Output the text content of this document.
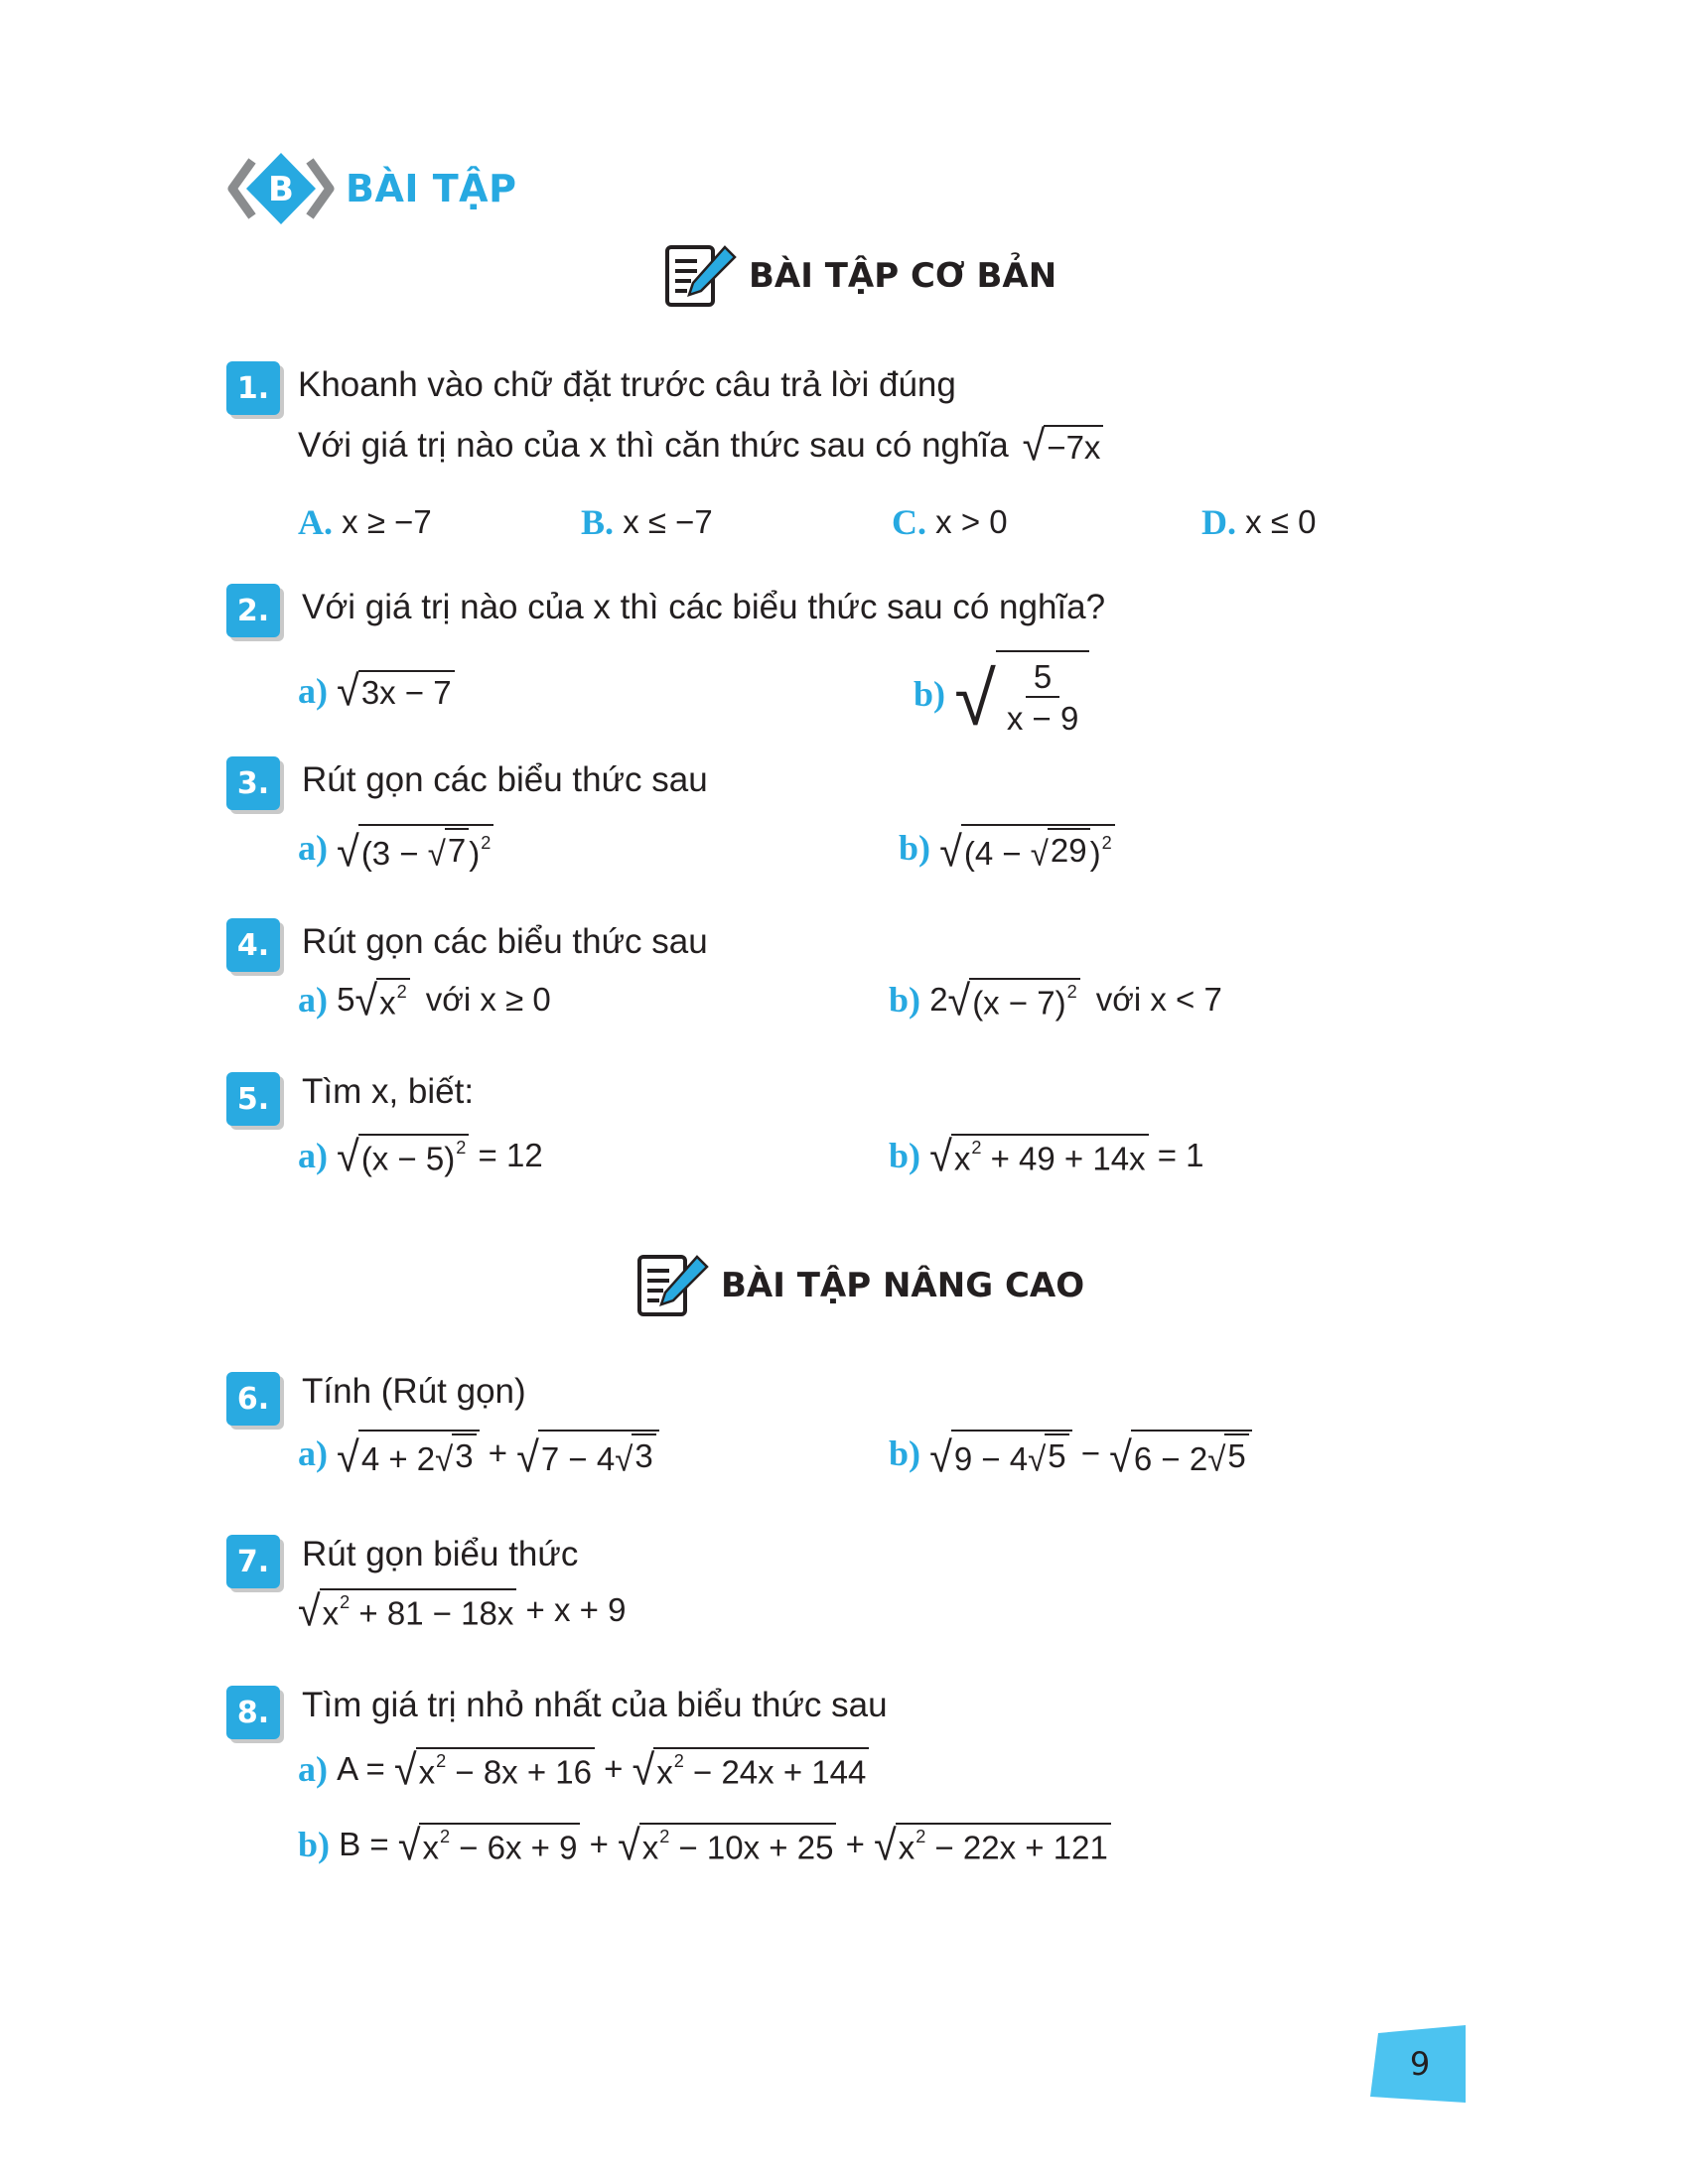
B BÀI TẬP
BÀI TẬP CƠ BẢN
1. Khoanh vào chữ đặt trước câu trả lời đúng
Với giá trị nào của x thì căn thức sau có nghĩa √ −7x
A.
x ≥ −7	B.
x ≤ −7	C.
x > 0	D.
x ≤ 0
2. Với giá trị nào của x thì các biểu thức sau có nghĩa?
a)
√ 3x − 7	b)
√ $\frac{5}{x - 9}$
3. Rút gọn các biểu thức sau
a)
√ (3 − √ 7 )$^2$	b)
√ (4 − √ 29 )$^2$
4. Rút gọn các biểu thức sau
a)
5 √ $x^2$ với x ≥ 0	b)
2 √ $(x - 7)^2$ với x < 7
5. Tìm x, biết:
a)
√ $(x - 5)^2$
= 12	b)
√ $x^2 + 49 + 14x$
= 1
BÀI TẬP NÂNG CAO
6. Tính (Rút gọn)
a)
√ 4 + 2 √ 3
+
√ 7 − 4 √ 3	b)
√ 9 − 4 √ 5
−
√ 6 − 2 √ 5
7. Rút gọn biểu thức
√ $x^2 + 81 - 18x$
+ x + 9
8. Tìm giá trị nhỏ nhất của biểu thức sau
a)
A =
√ $x^2 - 8x + 16$ + √ $x^2 - 24x + 144$
b)
B =
√ $x^2 - 6x + 9$ + √ $x^2 - 10x + 25$ + √ $x^2 - 22x + 121$
9
